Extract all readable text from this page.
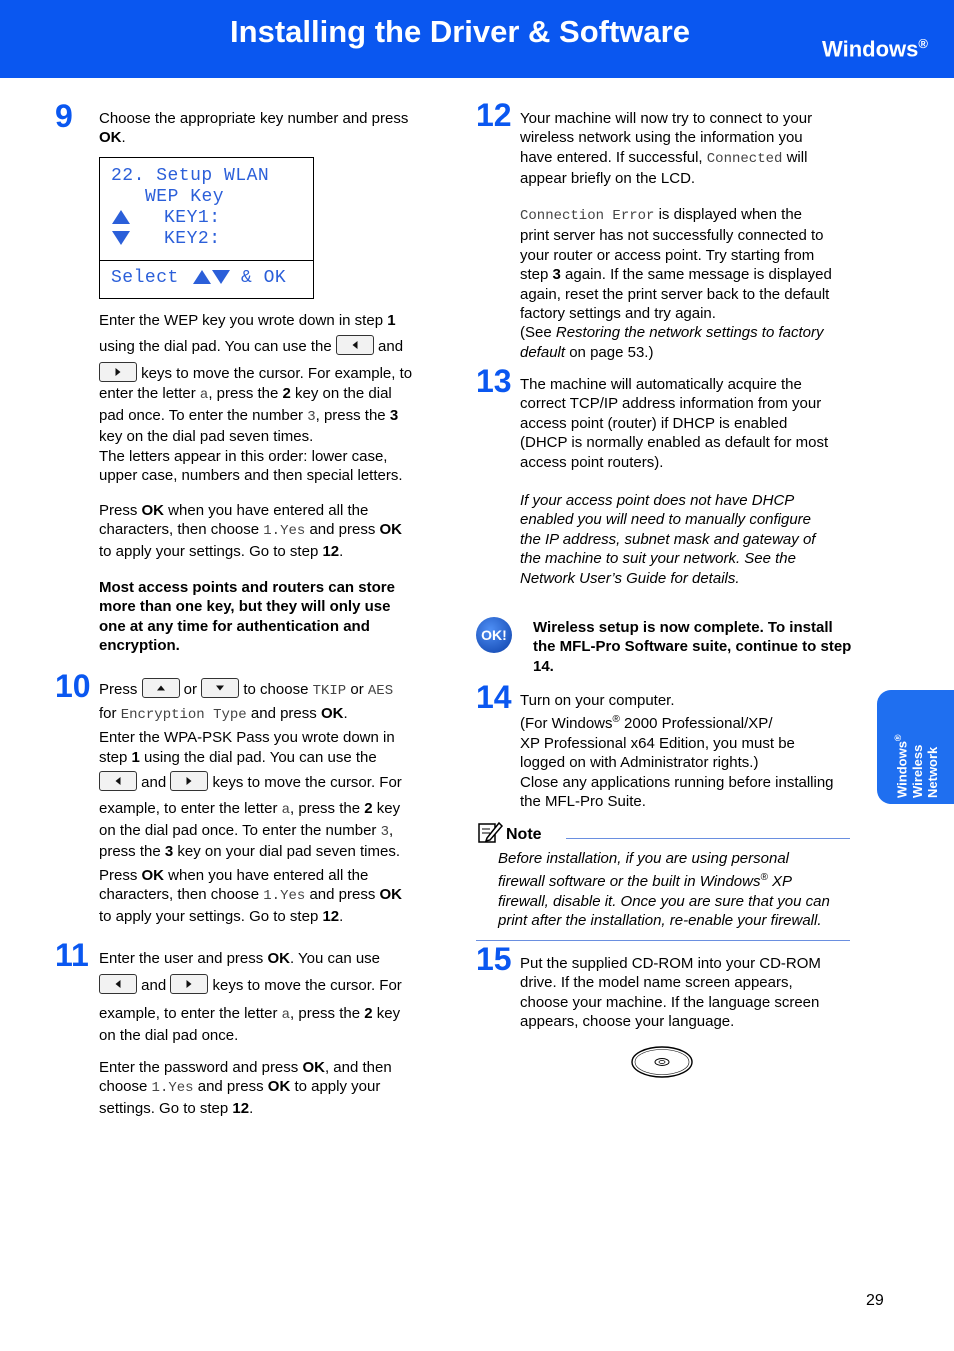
Installing the Driver & Software	Windows®
Windows®
Wireless Network
9 Choose the appropriate key number and press
OK.
22. Setup WLAN
WEP Key
KEY1:
KEY2:
Select	& OK
Enter the WEP key you wrote down in step 1
using the dial pad. You can use the	and
keys to move the cursor. For example, to
enter the letter a, press the 2 key on the dial
pad once. To enter the number 3, press the 3
key on the dial pad seven times.
The letters appear in this order: lower case,
upper case, numbers and then special letters.
Press OK when you have entered all the
characters, then choose 1.Yes and press OK
to apply your settings. Go to step 12.
Most access points and routers can store
more than one key, but they will only use
one at any time for authentication and
encryption.
10 Press	or	to choose TKIP or AES
for Encryption Type and press OK.
Enter the WPA-PSK Pass you wrote down in
step 1 using the dial pad. You can use the
and	keys to move the cursor. For
example, to enter the letter a, press the 2 key
on the dial pad once. To enter the number 3,
press the 3 key on your dial pad seven times.
Press OK when you have entered all the
characters, then choose 1.Yes and press OK
to apply your settings. Go to step 12.
11 Enter the user and press OK. You can use
and	keys to move the cursor. For
example, to enter the letter a, press the 2 key
on the dial pad once.
Enter the password and press OK, and then
choose 1.Yes and press OK to apply your
settings. Go to step 12.
12 Your machine will now try to connect to your
wireless network using the information you
have entered. If successful, Connected will
appear briefly on the LCD.
Connection Error is displayed when the
print server has not successfully connected to
your router or access point. Try starting from
step 3 again. If the same message is displayed
again, reset the print server back to the default
factory settings and try again.
(See Restoring the network settings to factory
default on page 53.)
13 The machine will automatically acquire the
correct TCP/IP address information from your
access point (router) if DHCP is enabled
(DHCP is normally enabled as default for most
access point routers).
If your access point does not have DHCP
enabled you will need to manually configure
the IP address, subnet mask and gateway of
the machine to suit your network. See the
Network User’s Guide for details.
OK!	Wireless setup is now complete. To install the MFL-Pro Software suite, continue to step 14.
14 Turn on your computer.
(For Windows® 2000 Professional/XP/
XP Professional x64 Edition, you must be
logged on with Administrator rights.)
Close any applications running before installing
the MFL-Pro Suite.
Note
Before installation, if you are using personal
firewall software or the built in Windows® XP
firewall, disable it. Once you are sure that you can
print after the installation, re-enable your firewall.
15 Put the supplied CD-ROM into your CD-ROM
drive. If the model name screen appears,
choose your machine. If the language screen
appears, choose your language.
29
